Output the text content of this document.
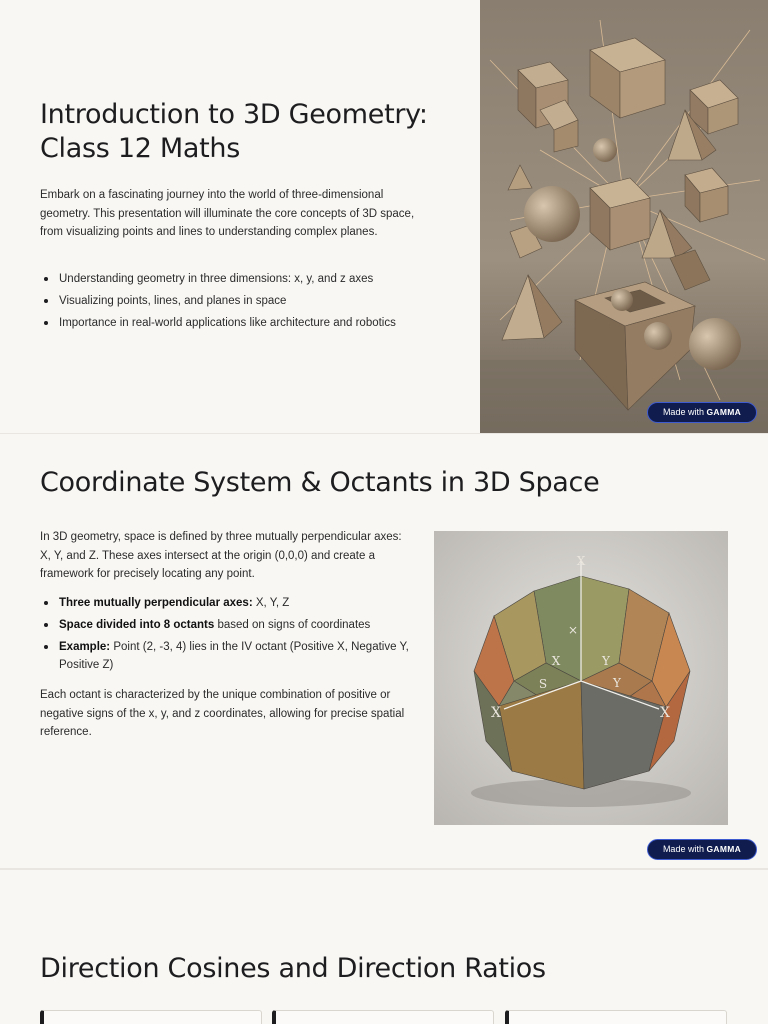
Introduction to 3D Geometry: Class 12 Maths

Embark on a fascinating journey into the world of three-dimensional geometry. This presentation will illuminate the core concepts of 3D space, from visualizing points and lines to understanding complex planes.

Understanding geometry in three dimensions: x, y, and z axes
Visualizing points, lines, and planes in space
Importance in real-world applications like architecture and robotics
Made with GAMMA
Coordinate System & Octants in 3D Space

In 3D geometry, space is defined by three mutually perpendicular axes: X, Y, and Z. These axes intersect at the origin (0,0,0) and create a framework for precisely locating any point.

Three mutually perpendicular axes: X, Y, Z
Space divided into 8 octants based on signs of coordinates
Example: Point (2, -3, 4) lies in the IV octant (Positive X, Negative Y, Positive Z)

Each octant is characterized by the unique combination of positive or negative signs of the x, y, and z coordinates, allowing for precise spatial reference.

X
×
X	Y
S	Y
X	X
Made with GAMMA
Direction Cosines and Direction Ratios
